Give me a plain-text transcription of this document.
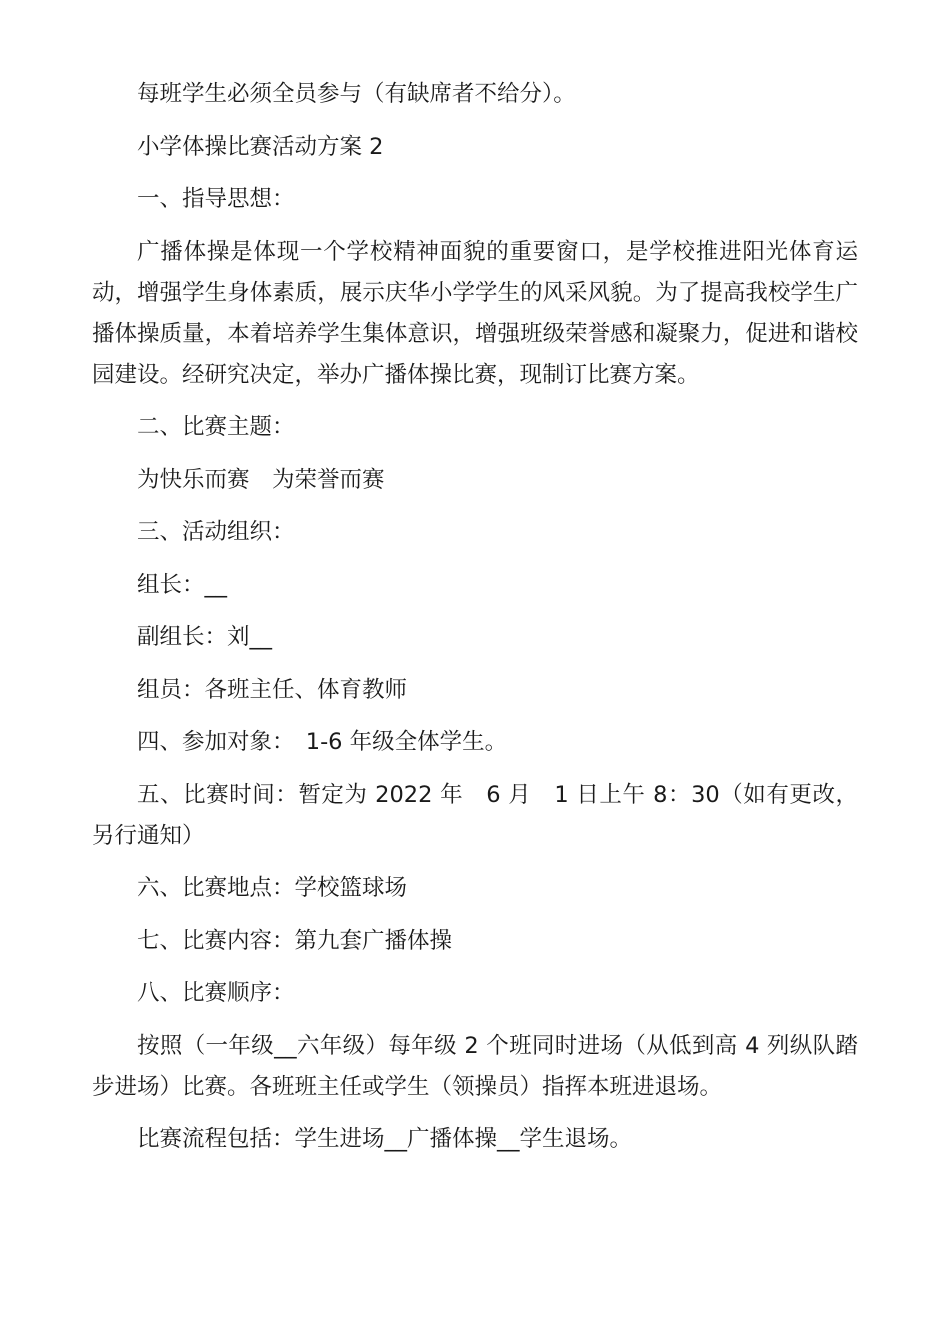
每班学生必须全员参与（有缺席者不给分）。

小学体操比赛活动方案 2

一、指导思想：

广播体操是体现一个学校精神面貌的重要窗口，是学校推进阳光体育运动，增强学生身体素质，展示庆华小学学生的风采风貌。为了提高我校学生广播体操质量，本着培养学生集体意识，增强班级荣誉感和凝聚力，促进和谐校园建设。经研究决定，举办广播体操比赛，现制订比赛方案。

二、比赛主题：

为快乐而赛　为荣誉而赛

三、活动组织：

组长：__

副组长：刘__

组员：各班主任、体育教师

四、参加对象：　1-6 年级全体学生。

五、比赛时间：暂定为 2022 年　6 月　1 日上午 8：30（如有更改，另行通知）

六、比赛地点：学校篮球场

七、比赛内容：第九套广播体操

八、比赛顺序：

按照（一年级__六年级）每年级 2 个班同时进场（从低到高 4 列纵队踏步进场）比赛。各班班主任或学生（领操员）指挥本班进退场。

比赛流程包括：学生进场__广播体操__学生退场。
